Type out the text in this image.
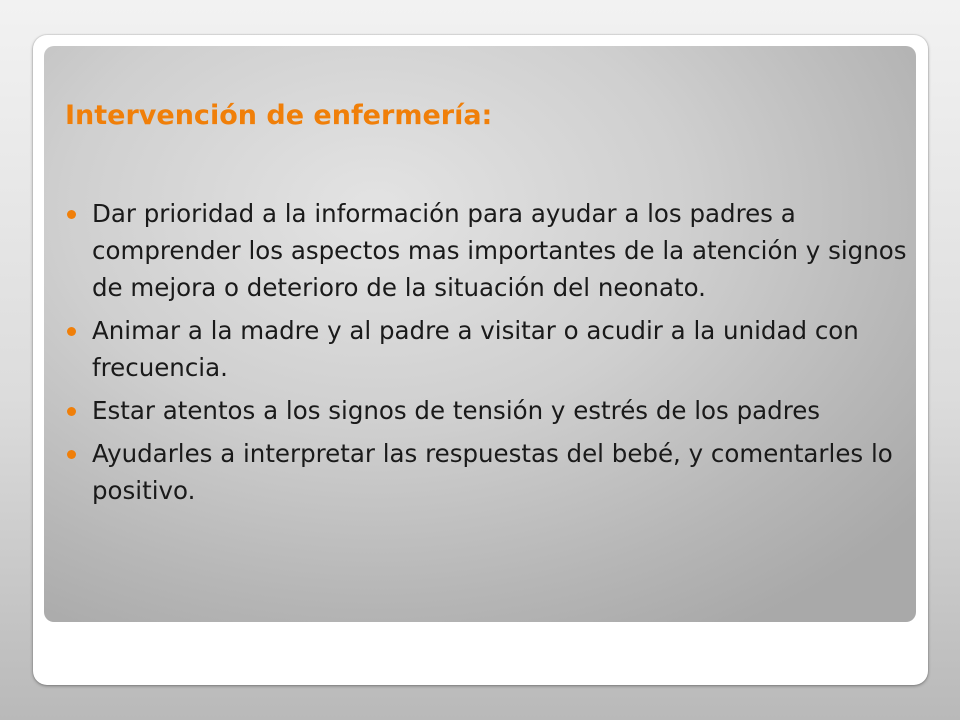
Intervención de enfermería:
Dar prioridad a la información para ayudar a los padres a comprender los aspectos mas importantes de la atención y signos de mejora o deterioro de la situación del neonato.
Animar a la madre y al padre a visitar o acudir a la unidad con frecuencia.
Estar atentos a los signos de tensión y estrés de los padres
Ayudarles a interpretar las respuestas del bebé, y comentarles lo positivo.
